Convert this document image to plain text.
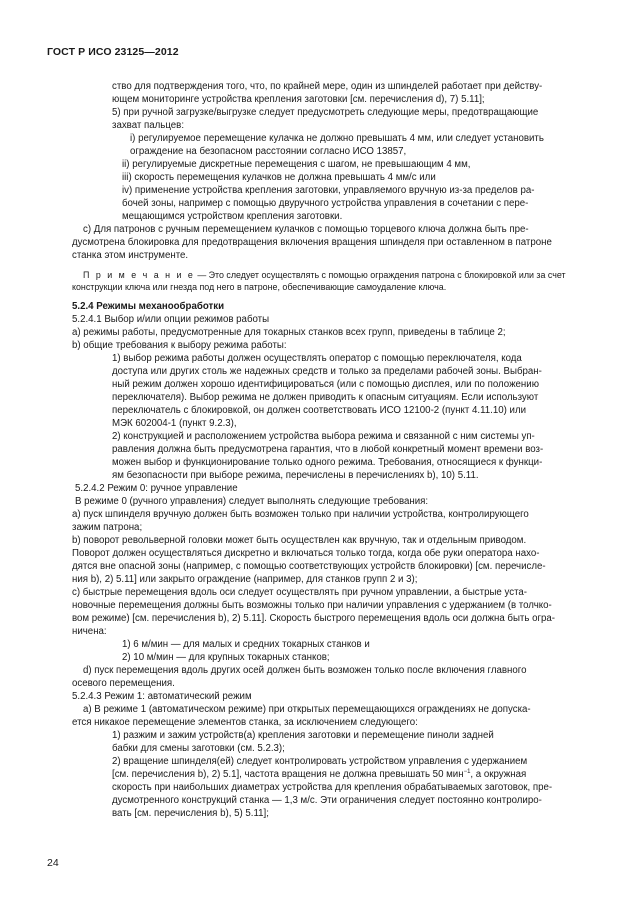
ГОСТ Р ИСО 23125—2012
ство для подтверждения того, что, по крайней мере, один из шпинделей работает при действу-
ющем мониторинге устройства крепления заготовки [см. перечисления d), 7) 5.11];
5) при ручной загрузке/выгрузке следует предусмотреть следующие меры, предотвращающие
захват пальцев:
i) регулируемое перемещение кулачка не должно превышать 4 мм, или следует установить
ограждение на безопасном расстоянии согласно ИСО 13857,
ii) регулируемые дискретные перемещения с шагом, не превышающим 4 мм,
iii) скорость перемещения кулачков не должна превышать 4 мм/с или
iv) применение устройства крепления заготовки, управляемого вручную из-за пределов ра-
бочей зоны, например с помощью двуручного устройства управления в сочетании с пере-
мещающимся устройством крепления заготовки.
c) Для патронов с ручным перемещением кулачков с помощью торцевого ключа должна быть пре-
дусмотрена блокировка для предотвращения включения вращения шпинделя при оставленном в патроне
станка этом инструменте.
П р и м е ч а н и е — Это следует осуществлять с помощью ограждения патрона с блокировкой или за счет
конструкции ключа или гнезда под него в патроне, обеспечивающие самоудаление ключа.
5.2.4 Режимы механообработки
5.2.4.1 Выбор и/или опции режимов работы
а) режимы работы, предусмотренные для токарных станков всех групп, приведены в таблице 2;
b) общие требования к выбору режима работы:
1) выбор режима работы должен осуществлять оператор с помощью переключателя, кода
доступа или других столь же надежных средств и только за пределами рабочей зоны. Выбран-
ный режим должен хорошо идентифицироваться (или с помощью дисплея, или по положению
переключателя). Выбор режима не должен приводить к опасным ситуациям. Если используют
переключатель с блокировкой, он должен соответствовать ИСО 12100-2 (пункт 4.11.10) или
МЭК 602004-1 (пункт 9.2.3),
2) конструкцией и расположением устройства выбора режима и связанной с ним системы уп-
равления должна быть предусмотрена гарантия, что в любой конкретный момент времени воз-
можен выбор и функционирование только одного режима. Требования, относящиеся к функци-
ям безопасности при выборе режима, перечислены в перечислениях b), 10) 5.11.
5.2.4.2 Режим 0: ручное управление
В режиме 0 (ручного управления) следует выполнять следующие требования:
а) пуск шпинделя вручную должен быть возможен только при наличии устройства, контролирующего
зажим патрона;
b) поворот револьверной головки может быть осуществлен как вручную, так и отдельным приводом.
Поворот должен осуществляться дискретно и включаться только тогда, когда обе руки оператора нахо-
дятся вне опасной зоны (например, с помощью соответствующих устройств блокировки) [см. перечисле-
ния b), 2) 5.11] или закрыто ограждение (например, для станков групп 2 и 3);
c) быстрые перемещения вдоль оси следует осуществлять при ручном управлении, а быстрые уста-
новочные перемещения должны быть возможны только при наличии управления с удержанием (в толчко-
вом режиме) [см. перечисления b), 2) 5.11]. Скорость быстрого перемещения вдоль оси должна быть огра-
ничена:
1) 6 м/мин — для малых и средних токарных станков и
2) 10 м/мин — для крупных токарных станков;
d) пуск перемещения вдоль других осей должен быть возможен только после включения главного
осевого перемещения.
5.2.4.3 Режим 1: автоматический режим
а) В режиме 1 (автоматическом режиме) при открытых перемещающихся ограждениях не допуска-
ется никакое перемещение элементов станка, за исключением следующего:
1) разжим и зажим устройств(а) крепления заготовки и перемещение пиноли задней
бабки для смены заготовки (см. 5.2.3);
2) вращение шпинделя(ей) следует контролировать устройством управления с удержанием
[см. перечисления b), 2) 5.1], частота вращения не должна превышать 50 мин$^{-1}$, а окружная
скорость при наибольших диаметрах устройства для крепления обрабатываемых заготовок, пре-
дусмотренного конструкций станка — 1,3 м/с. Эти ограничения следует постоянно контролиро-
вать [см. перечисления b), 5) 5.11];
24
